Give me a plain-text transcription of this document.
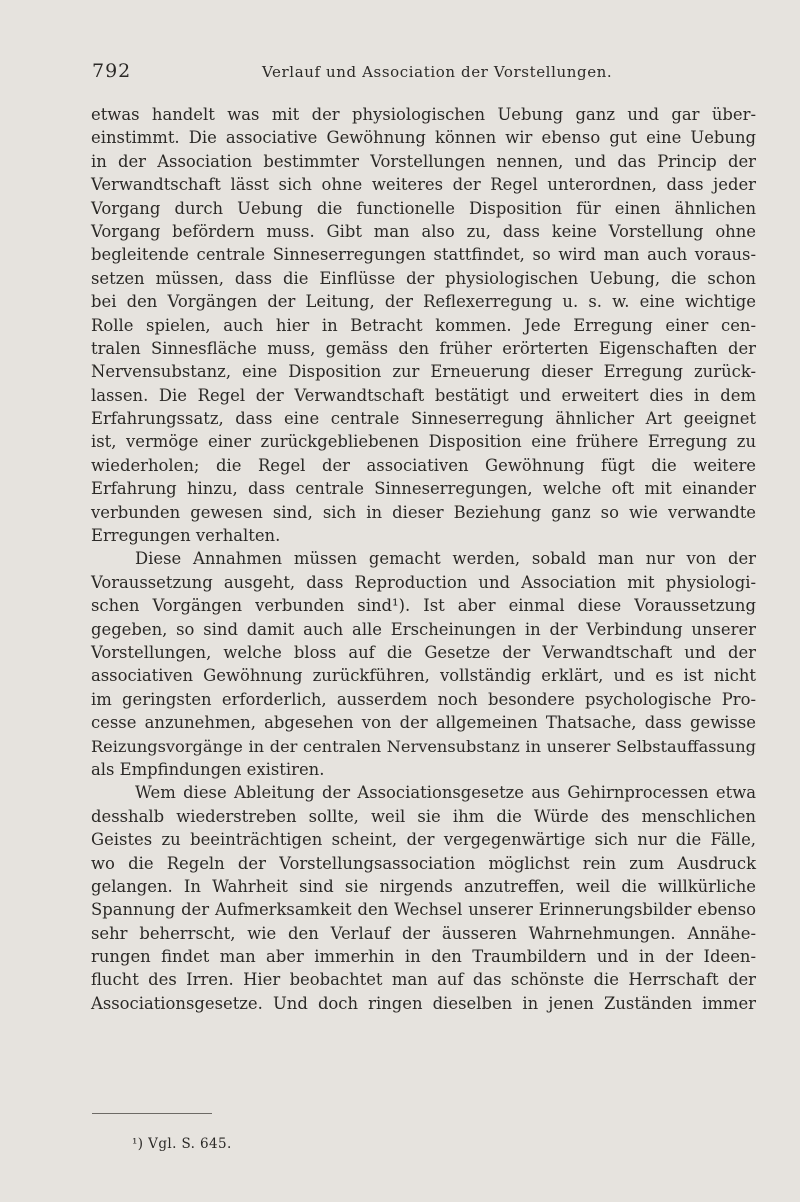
792	Verlauf und Association der Vorstellungen.
etwas handelt was mit der physiologischen Uebung ganz und gar über-
einstimmt. Die associative Gewöhnung können wir ebenso gut eine Uebung
in der Association bestimmter Vorstellungen nennen, und das Princip der
Verwandtschaft lässt sich ohne weiteres der Regel unterordnen, dass jeder
Vorgang durch Uebung die functionelle Disposition für einen ähnlichen
Vorgang befördern muss. Gibt man also zu, dass keine Vorstellung ohne
begleitende centrale Sinneserregungen stattfindet, so wird man auch voraus-
setzen müssen, dass die Einflüsse der physiologischen Uebung, die schon
bei den Vorgängen der Leitung, der Reflexerregung u. s. w. eine wichtige
Rolle spielen, auch hier in Betracht kommen. Jede Erregung einer cen-
tralen Sinnesfläche muss, gemäss den früher erörterten Eigenschaften der
Nervensubstanz, eine Disposition zur Erneuerung dieser Erregung zurück-
lassen. Die Regel der Verwandtschaft bestätigt und erweitert dies in dem
Erfahrungssatz, dass eine centrale Sinneserregung ähnlicher Art geeignet
ist, vermöge einer zurückgebliebenen Disposition eine frühere Erregung zu
wiederholen; die Regel der associativen Gewöhnung fügt die weitere
Erfahrung hinzu, dass centrale Sinneserregungen, welche oft mit einander
verbunden gewesen sind, sich in dieser Beziehung ganz so wie verwandte
Erregungen verhalten.
Diese Annahmen müssen gemacht werden, sobald man nur von der
Voraussetzung ausgeht, dass Reproduction und Association mit physiologi-
schen Vorgängen verbunden sind¹). Ist aber einmal diese Voraussetzung
gegeben, so sind damit auch alle Erscheinungen in der Verbindung unserer
Vorstellungen, welche bloss auf die Gesetze der Verwandtschaft und der
associativen Gewöhnung zurückführen, vollständig erklärt, und es ist nicht
im geringsten erforderlich, ausserdem noch besondere psychologische Pro-
cesse anzunehmen, abgesehen von der allgemeinen Thatsache, dass gewisse
Reizungsvorgänge in der centralen Nervensubstanz in unserer Selbstauffassung
als Empfindungen existiren.
Wem diese Ableitung der Associationsgesetze aus Gehirnprocessen etwa
desshalb wiederstreben sollte, weil sie ihm die Würde des menschlichen
Geistes zu beeinträchtigen scheint, der vergegenwärtige sich nur die Fälle,
wo die Regeln der Vorstellungsassociation möglichst rein zum Ausdruck
gelangen. In Wahrheit sind sie nirgends anzutreffen, weil die willkürliche
Spannung der Aufmerksamkeit den Wechsel unserer Erinnerungsbilder ebenso
sehr beherrscht, wie den Verlauf der äusseren Wahrnehmungen. Annähe-
rungen findet man aber immerhin in den Traumbildern und in der Ideen-
flucht des Irren. Hier beobachtet man auf das schönste die Herrschaft der
Associationsgesetze. Und doch ringen dieselben in jenen Zuständen immer
¹) Vgl. S. 645.
